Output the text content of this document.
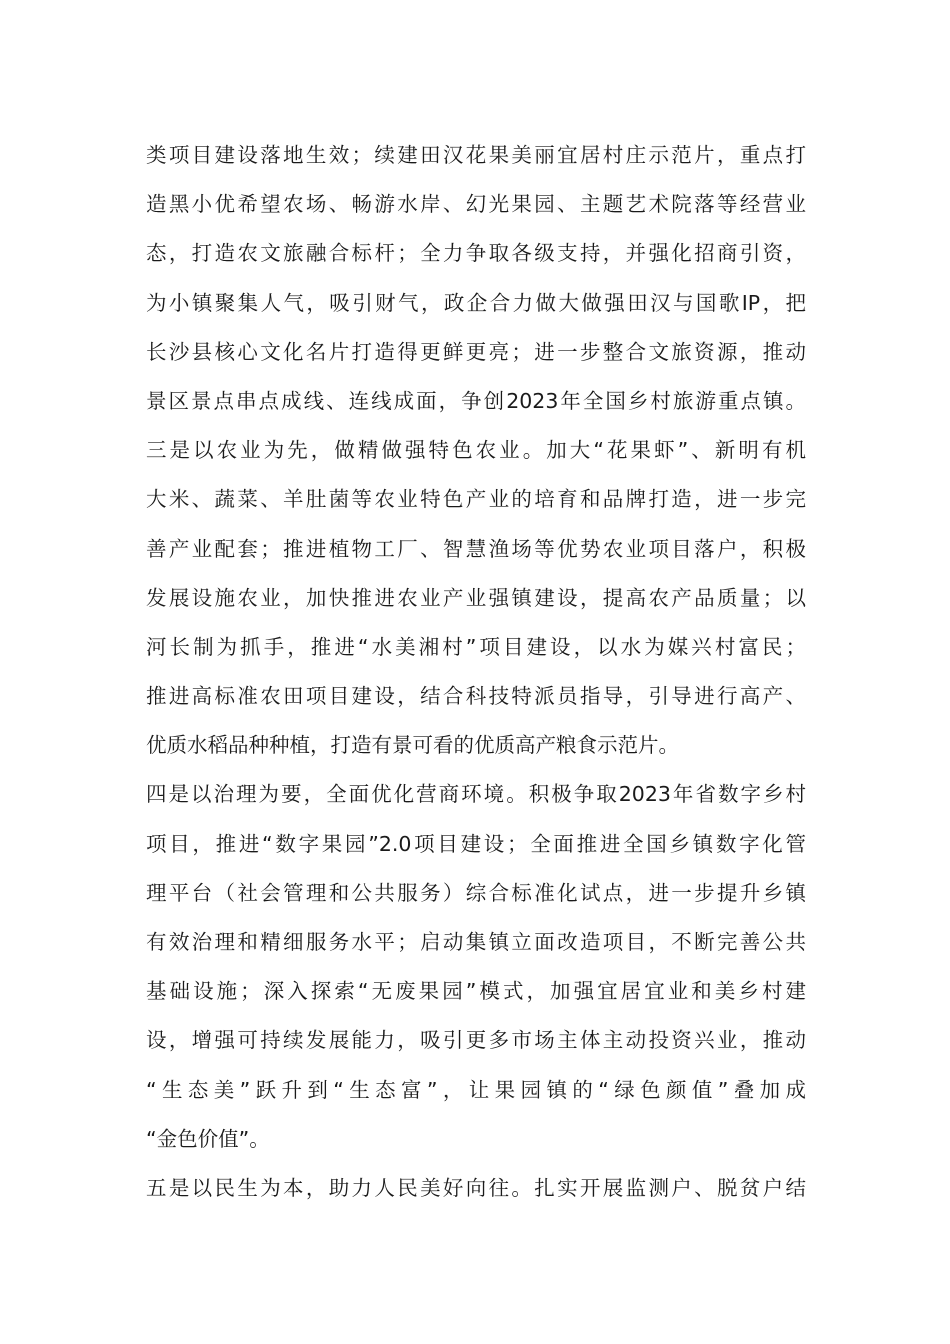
类项目建设落地生效；续建田汉花果美丽宜居村庄示范片，重点打
造黑小优希望农场、畅游水岸、幻光果园、主题艺术院落等经营业
态，打造农文旅融合标杆；全力争取各级支持，并强化招商引资，
为小镇聚集人气，吸引财气，政企合力做大做强田汉与国歌IP，把
长沙县核心文化名片打造得更鲜更亮；进一步整合文旅资源，推动
景区景点串点成线、连线成面，争创2023年全国乡村旅游重点镇。
三是以农业为先，做精做强特色农业。加大“花果虾”、新明有机
大米、蔬菜、羊肚菌等农业特色产业的培育和品牌打造，进一步完
善产业配套；推进植物工厂、智慧渔场等优势农业项目落户，积极
发展设施农业，加快推进农业产业强镇建设，提高农产品质量；以
河长制为抓手，推进“水美湘村”项目建设，以水为媒兴村富民；
推进高标准农田项目建设，结合科技特派员指导，引导进行高产、
优质水稻品种种植，打造有景可看的优质高产粮食示范片。
四是以治理为要，全面优化营商环境。积极争取2023年省数字乡村
项目，推进“数字果园”2.0项目建设；全面推进全国乡镇数字化管
理平台（社会管理和公共服务）综合标准化试点，进一步提升乡镇
有效治理和精细服务水平；启动集镇立面改造项目，不断完善公共
基础设施；深入探索“无废果园”模式，加强宜居宜业和美乡村建
设，增强可持续发展能力，吸引更多市场主体主动投资兴业，推动
“生态美”跃升到“生态富”，让果园镇的“绿色颜值”叠加成
“金色价值”。
五是以民生为本，助力人民美好向往。扎实开展监测户、脱贫户结
